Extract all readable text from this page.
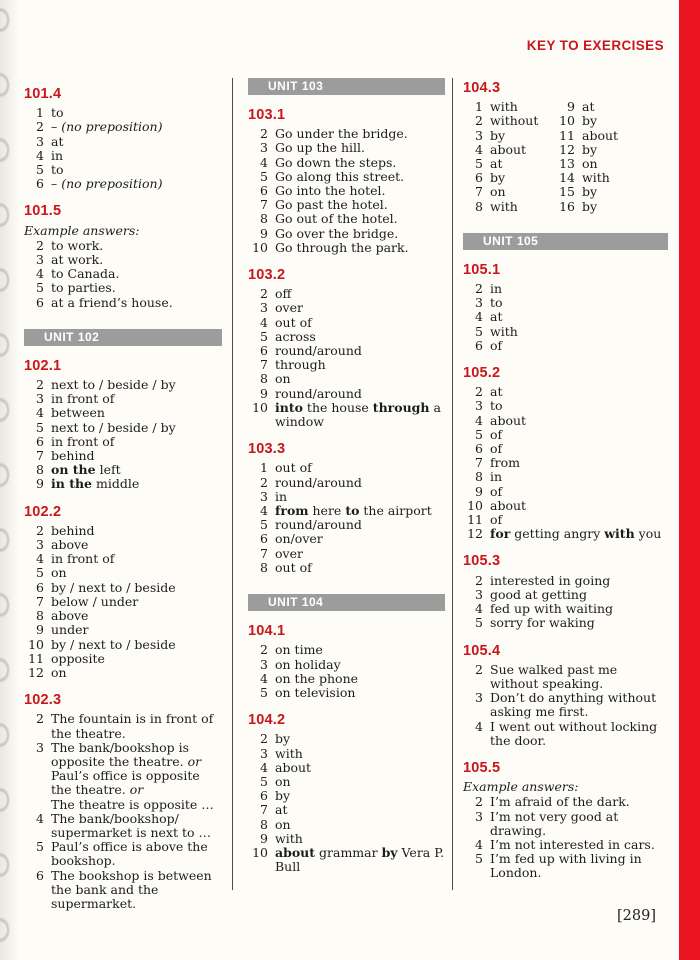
KEY TO EXERCISES
101.4
1 to
2 – (no preposition)
3 at
4 in
5 to
6 – (no preposition)
101.5
Example answers:
2 to work.
3 at work.
4 to Canada.
5 to parties.
6 at a friend’s house.
UNIT 102
102.1
2 next to / beside / by
3 in front of
4 between
5 next to / beside / by
6 in front of
7 behind
8 on the left
9 in the middle
102.2
2 behind
3 above
4 in front of
5 on
6 by / next to / beside
7 below / under
8 above
9 under
10 by / next to / beside
11 opposite
12 on
102.3
2 The fountain is in front of the theatre.
3 The bank/bookshop is opposite the theatre. or
Paul’s office is opposite the theatre. or
The theatre is opposite …
4 The bank/bookshop/
supermarket is next to …
5 Paul’s office is above the bookshop.
6 The bookshop is between the bank and the supermarket.
UNIT 103
103.1
2 Go under the bridge.
3 Go up the hill.
4 Go down the steps.
5 Go along this street.
6 Go into the hotel.
7 Go past the hotel.
8 Go out of the hotel.
9 Go over the bridge.
10 Go through the park.
103.2
2 off
3 over
4 out of
5 across
6 round/around
7 through
8 on
9 round/around
10 into the house through a window
103.3
1 out of
2 round/around
3 in
4 from here to the airport
5 round/around
6 on/over
7 over
8 out of
UNIT 104
104.1
2 on time
3 on holiday
4 on the phone
5 on television
104.2
2 by
3 with
4 about
5 on
6 by
7 at
8 on
9 with
10 about grammar by Vera P. Bull
104.3
1 with
2 without
3 by
4 about
5 at
6 by
7 on
8 with
9 at
10 by
11 about
12 by
13 on
14 with
15 by
16 by
UNIT 105
105.1
2 in
3 to
4 at
5 with
6 of
105.2
2 at
3 to
4 about
5 of
6 of
7 from
8 in
9 of
10 about
11 of
12 for getting angry with you
105.3
2 interested in going
3 good at getting
4 fed up with waiting
5 sorry for waking
105.4
2 Sue walked past me without speaking.
3 Don’t do anything without asking me first.
4 I went out without locking the door.
105.5
Example answers:
2 I’m afraid of the dark.
3 I’m not very good at drawing.
4 I’m not interested in cars.
5 I’m fed up with living in London.
[289]
